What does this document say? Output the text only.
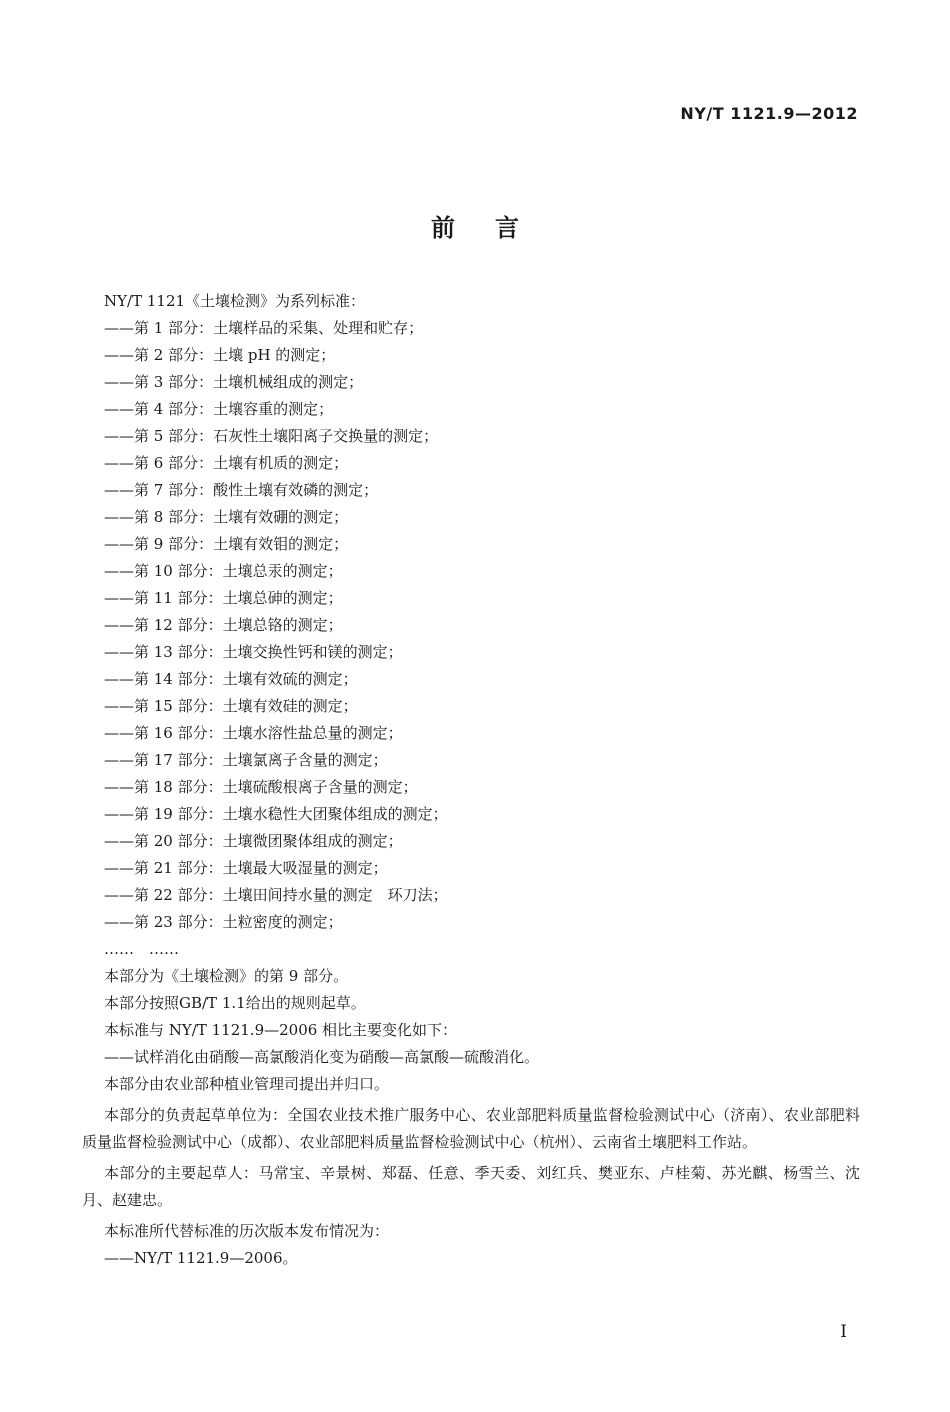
NY/T 1121.9—2012
前言
NY/T 1121《土壤检测》为系列标准：
——第 1 部分：土壤样品的采集、处理和贮存；
——第 2 部分：土壤 pH 的测定；
——第 3 部分：土壤机械组成的测定；
——第 4 部分：土壤容重的测定；
——第 5 部分：石灰性土壤阳离子交换量的测定；
——第 6 部分：土壤有机质的测定；
——第 7 部分：酸性土壤有效磷的测定；
——第 8 部分：土壤有效硼的测定；
——第 9 部分：土壤有效钼的测定；
——第 10 部分：土壤总汞的测定；
——第 11 部分：土壤总砷的测定；
——第 12 部分：土壤总铬的测定；
——第 13 部分：土壤交换性钙和镁的测定；
——第 14 部分：土壤有效硫的测定；
——第 15 部分：土壤有效硅的测定；
——第 16 部分：土壤水溶性盐总量的测定；
——第 17 部分：土壤氯离子含量的测定；
——第 18 部分：土壤硫酸根离子含量的测定；
——第 19 部分：土壤水稳性大团聚体组成的测定；
——第 20 部分：土壤微团聚体组成的测定；
——第 21 部分：土壤最大吸湿量的测定；
——第 22 部分：土壤田间持水量的测定　环刀法；
——第 23 部分：土粒密度的测定；
……　……
本部分为《土壤检测》的第 9 部分。
本部分按照GB/T 1.1给出的规则起草。
本标准与 NY/T 1121.9—2006 相比主要变化如下：
——试样消化由硝酸—高氯酸消化变为硝酸—高氯酸—硫酸消化。
本部分由农业部种植业管理司提出并归口。
本部分的负责起草单位为：全国农业技术推广服务中心、农业部肥料质量监督检验测试中心（济南）、农业部肥料质量监督检验测试中心（成都）、农业部肥料质量监督检验测试中心（杭州）、云南省土壤肥料工作站。
本部分的主要起草人：马常宝、辛景树、郑磊、任意、季天委、刘红兵、樊亚东、卢桂菊、苏光麒、杨雪兰、沈月、赵建忠。
本标准所代替标准的历次版本发布情况为：
——NY/T 1121.9—2006。
I
